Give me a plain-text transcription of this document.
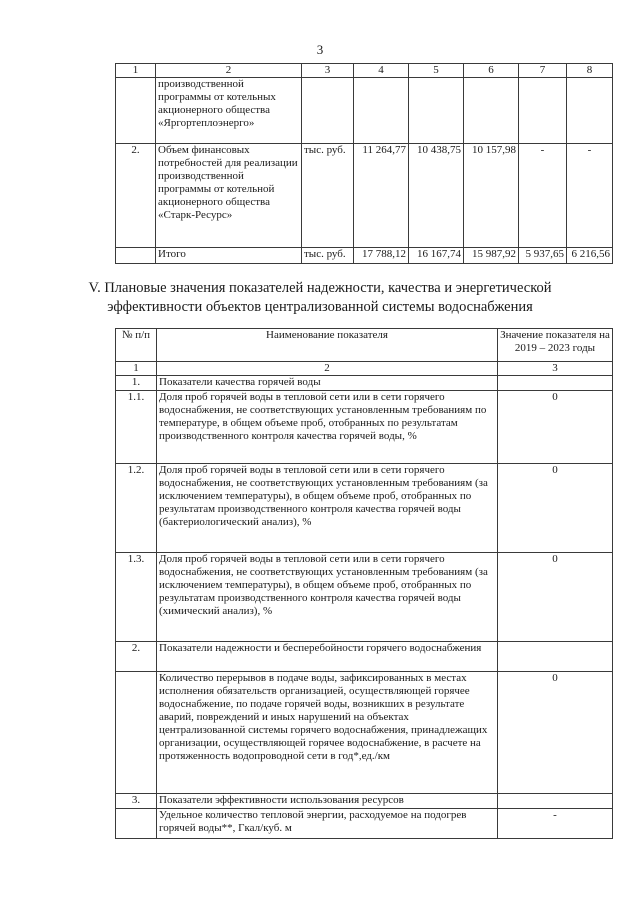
3
1	2	3	4	5	6	7	8
	производственной программы от котельных акционерного общества «Яргортеплоэнерго»						
2.	Объем финансовых потребностей для реализации производственной программы от котельной акционерного общества «Старк-Ресурс»	тыс. руб.	11 264,77	10 438,75	10 157,98	-	-
	Итого	тыс. руб.	17 788,12	16 167,74	15 987,92	5 937,65	6 216,56
V. Плановые значения показателей надежности, качества и энергетической
эффективности объектов централизованной системы водоснабжения
№ п/п	Наименование показателя	Значение показателя на 2019 – 2023 годы
1	2	3
1.	Показатели качества горячей воды	
1.1.	Доля проб горячей воды в тепловой сети или в сети горячего водоснабжения, не соответствующих установленным требованиям по температуре, в общем объеме проб, отобранных по результатам производственного контроля качества горячей воды, %	0
1.2.	Доля проб горячей воды в тепловой сети или в сети горячего водоснабжения, не соответствующих установленным требованиям (за исключением температуры), в общем объеме проб, отобранных по результатам производственного контроля качества горячей воды (бактериологический анализ), %	0
1.3.	Доля проб горячей воды в тепловой сети или в сети горячего водоснабжения, не соответствующих установленным требованиям (за исключением температуры), в общем объеме проб, отобранных по результатам производственного контроля качества горячей воды (химический анализ), %	0
2.	Показатели надежности и бесперебойности горячего водоснабжения	
	Количество перерывов в подаче воды, зафиксированных в местах исполнения обязательств организацией, осуществляющей горячее водоснабжение, по подаче горячей воды, возникших в результате аварий, повреждений и иных нарушений на объектах централизованной системы горячего водоснабжения, принадлежащих организации, осуществляющей горячее водоснабжение, в расчете на протяженность водопроводной сети в год*,ед./км	0
3.	Показатели эффективности использования ресурсов	
	Удельное количество тепловой энергии, расходуемое на подогрев горячей воды**, Гкал/куб. м	-
